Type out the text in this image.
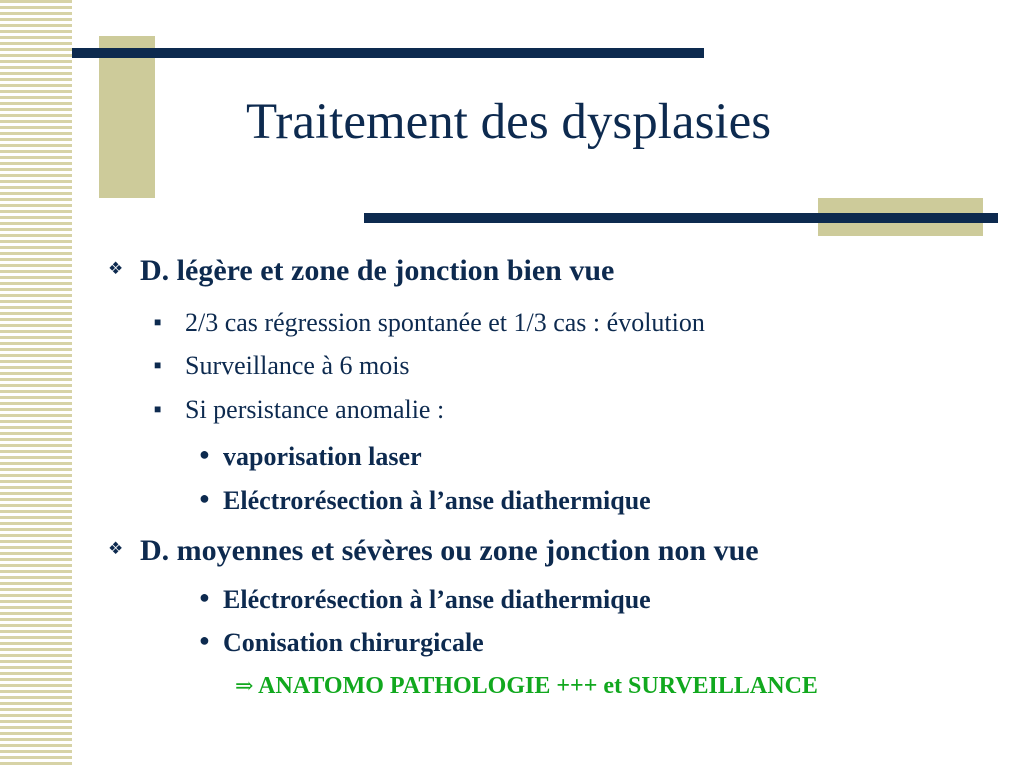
Traitement des dysplasies
❖ D. légère et zone de jonction bien vue
■ 2/3 cas régression spontanée et 1/3 cas : évolution
■ Surveillance à 6 mois
■ Si persistance anomalie :
● vaporisation laser
● Eléctrorésection à l’anse diathermique
❖ D. moyennes et sévères ou zone jonction non vue
● Eléctrorésection à l’anse diathermique
● Conisation chirurgicale
⇒ ANATOMO PATHOLOGIE +++ et SURVEILLANCE
